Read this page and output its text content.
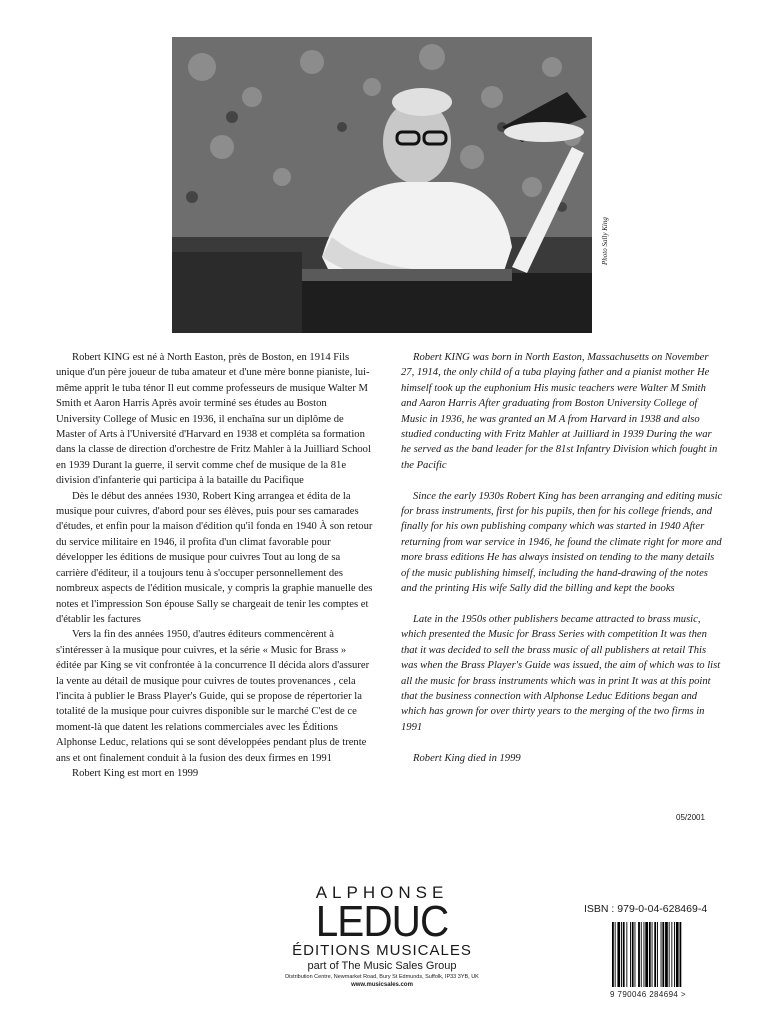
Photo Sally King

Robert KING est né à North Easton, près de Boston, en 1914 Fils unique d'un père joueur de tuba amateur et d'une mère bonne pianiste, lui-même apprit le tuba ténor Il eut comme professeurs de musique Walter M Smith et Aaron Harris Après avoir terminé ses études au Boston University College of Music en 1936, il enchaîna sur un diplôme de Master of Arts à l'Université d'Harvard en 1938 et compléta sa formation dans la classe de direction d'orchestre de Fritz Mahler à la Juilliard School en 1939 Durant la guerre, il servit comme chef de musique de la 81e division d'infanterie qui participa à la bataille du Pacifique

Dès le début des années 1930, Robert King arrangea et édita de la musique pour cuivres, d'abord pour ses élèves, puis pour ses camarades d'études, et enfin pour la maison d'édition qu'il fonda en 1940 À son retour du service militaire en 1946, il profita d'un climat favorable pour développer les éditions de musique pour cuivres Tout au long de sa carrière d'éditeur, il a toujours tenu à s'occuper personnellement des nombreux aspects de l'édition musicale, y compris la graphie manuelle des notes et l'impression Son épouse Sally se chargeait de tenir les comptes et d'établir les factures

Vers la fin des années 1950, d'autres éditeurs commencèrent à s'intéresser à la musique pour cuivres, et la série « Music for Brass » éditée par King se vit confrontée à la concurrence Il décida alors d'assurer la vente au détail de musique pour cuivres de toutes provenances , cela l'incita à publier le Brass Player's Guide, qui se propose de répertorier la totalité de la musique pour cuivres disponible sur le marché C'est de ce moment-là que datent les relations commerciales avec les Éditions Alphonse Leduc, relations qui se sont développées pendant plus de trente ans et ont finalement conduit à la fusion des deux firmes en 1991

Robert King est mort en 1999

Robert KING was born in North Easton, Massachusetts on November 27, 1914, the only child of a tuba playing father and a pianist mother He himself took up the euphonium His music teachers were Walter M Smith and Aaron Harris After graduating from Boston University College of Music in 1936, he was granted an M A from Harvard in 1938 and also studied conducting with Fritz Mahler at Juilliard in 1939 During the war he served as the band leader for the 81st Infantry Division which fought in the Pacific

Since the early 1930s Robert King has been arranging and editing music for brass instruments, first for his pupils, then for his college friends, and finally for his own publishing company which was started in 1940 After returning from war service in 1946, he found the climate right for more and more brass editions He has always insisted on tending to the many details of the music publishing himself, including the hand-drawing of the notes and the printing His wife Sally did the billing and kept the books

Late in the 1950s other publishers became attracted to brass music, which presented the Music for Brass Series with competition It was then that it was decided to sell the brass music of all publishers at retail This was when the Brass Player's Guide was issued, the aim of which was to list all the music for brass instruments which was in print It was at this point that the business connection with Alphonse Leduc Editions began and which has grown for over thirty years to the merging of the two firms in 1991

Robert King died in 1999

05/2001
ALPHONSE
LEDUC
ÉDITIONS MUSICALES
part of The Music Sales Group
Distribution Centre, Newmarket Road, Bury St Edmunds, Suffolk, IP33 3YB, UK
www.musicsales.com
ISBN : 979-0-04-628469-4
9 790046 284694 >
